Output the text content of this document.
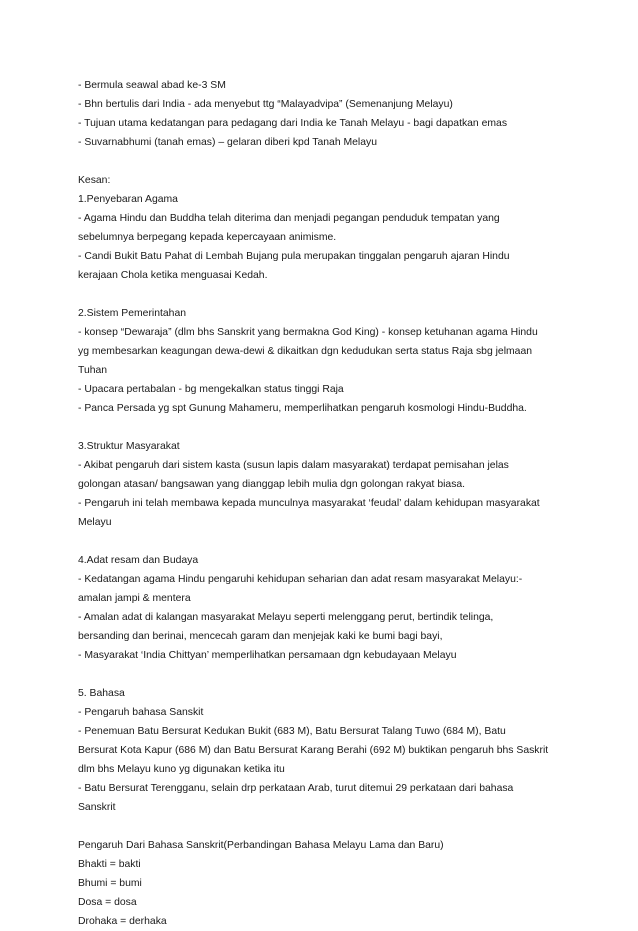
- Bermula seawal abad ke-3 SM
- Bhn bertulis dari India - ada menyebut ttg “Malayadvipa” (Semenanjung Melayu)
- Tujuan utama kedatangan para pedagang dari India ke Tanah Melayu - bagi dapatkan emas
- Suvarnabhumi (tanah emas) – gelaran diberi kpd Tanah Melayu
Kesan:
1.Penyebaran Agama
- Agama Hindu dan Buddha telah diterima dan menjadi pegangan penduduk tempatan yang
sebelumnya berpegang kepada kepercayaan animisme.
- Candi Bukit Batu Pahat di Lembah Bujang pula merupakan tinggalan pengaruh ajaran Hindu
kerajaan Chola ketika menguasai Kedah.
2.Sistem Pemerintahan
- konsep “Dewaraja” (dlm bhs Sanskrit yang bermakna God King) - konsep ketuhanan agama Hindu
yg membesarkan keagungan dewa-dewi & dikaitkan dgn kedudukan serta status Raja sbg jelmaan
Tuhan
- Upacara pertabalan - bg mengekalkan status tinggi Raja
- Panca Persada yg spt Gunung Mahameru, memperlihatkan pengaruh kosmologi Hindu-Buddha.
3.Struktur Masyarakat
- Akibat pengaruh dari sistem kasta (susun lapis dalam masyarakat) terdapat pemisahan jelas
golongan atasan/ bangsawan yang dianggap lebih mulia dgn golongan rakyat biasa.
- Pengaruh ini telah membawa kepada munculnya masyarakat ‘feudal’ dalam kehidupan masyarakat
Melayu
4.Adat resam dan Budaya
- Kedatangan agama Hindu pengaruhi kehidupan seharian dan adat resam masyarakat Melayu:-
amalan jampi & mentera
- Amalan adat di kalangan masyarakat Melayu seperti melenggang perut, bertindik telinga,
bersanding dan berinai, mencecah garam dan menjejak kaki ke bumi bagi bayi,
- Masyarakat ‘India Chittyan’ memperlihatkan persamaan dgn kebudayaan Melayu
5. Bahasa
- Pengaruh bahasa Sanskit
- Penemuan Batu Bersurat Kedukan Bukit (683 M), Batu Bersurat Talang Tuwo (684 M), Batu
Bersurat Kota Kapur (686 M) dan Batu Bersurat Karang Berahi (692 M) buktikan pengaruh bhs Saskrit
dlm bhs Melayu kuno yg digunakan ketika itu
- Batu Bersurat Terengganu, selain drp perkataan Arab, turut ditemui 29 perkataan dari bahasa
Sanskrit
Pengaruh Dari Bahasa Sanskrit(Perbandingan Bahasa Melayu Lama dan Baru)
Bhakti = bakti
Bhumi = bumi
Dosa = dosa
Drohaka = derhaka
